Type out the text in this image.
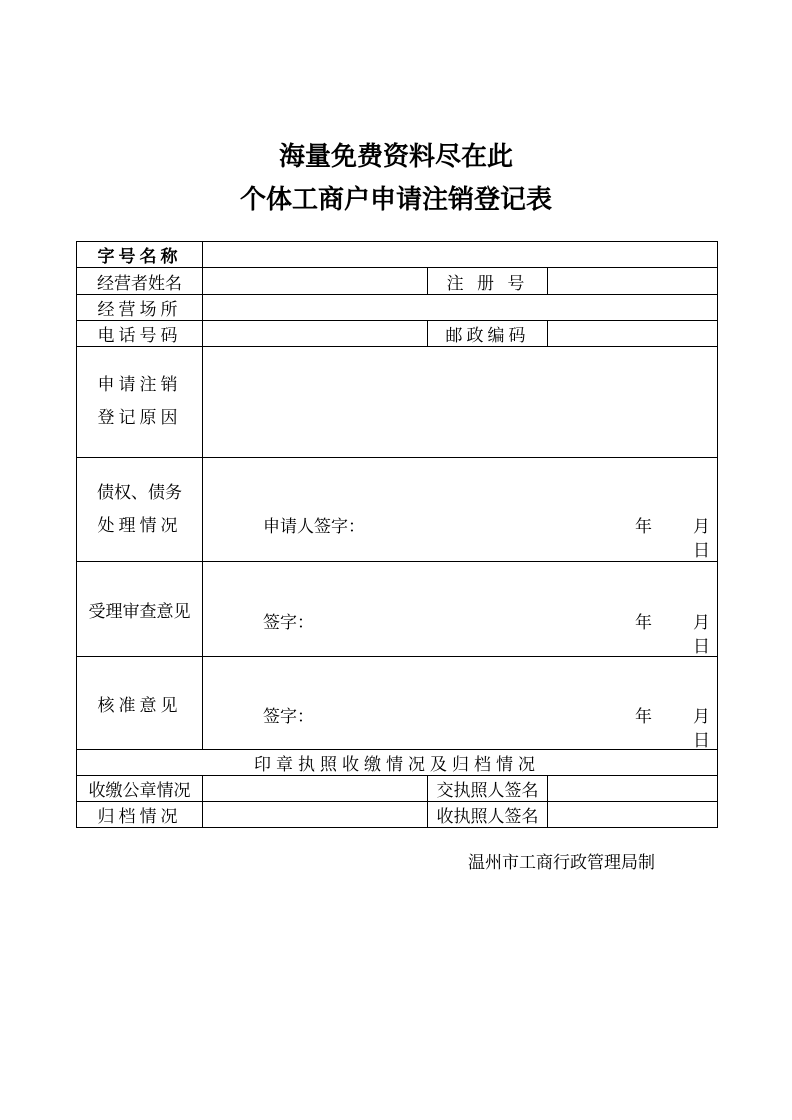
海量免费资料尽在此
个体工商户申请注销登记表
字号名称			
经营者姓名		注 册 号	
经营场所			
电话号码		邮政编码	

申请注销
登记原因			

债权、债务
处理情况	申请人签字： 年 月
日		

受理审查意见	签字： 年 月
日		

核准意见	签字： 年 月
日		

印章执照收缴情况及归档情况			
收缴公章情况		交执照人签名	
归档情况		收执照人签名	
温州市工商行政管理局制
